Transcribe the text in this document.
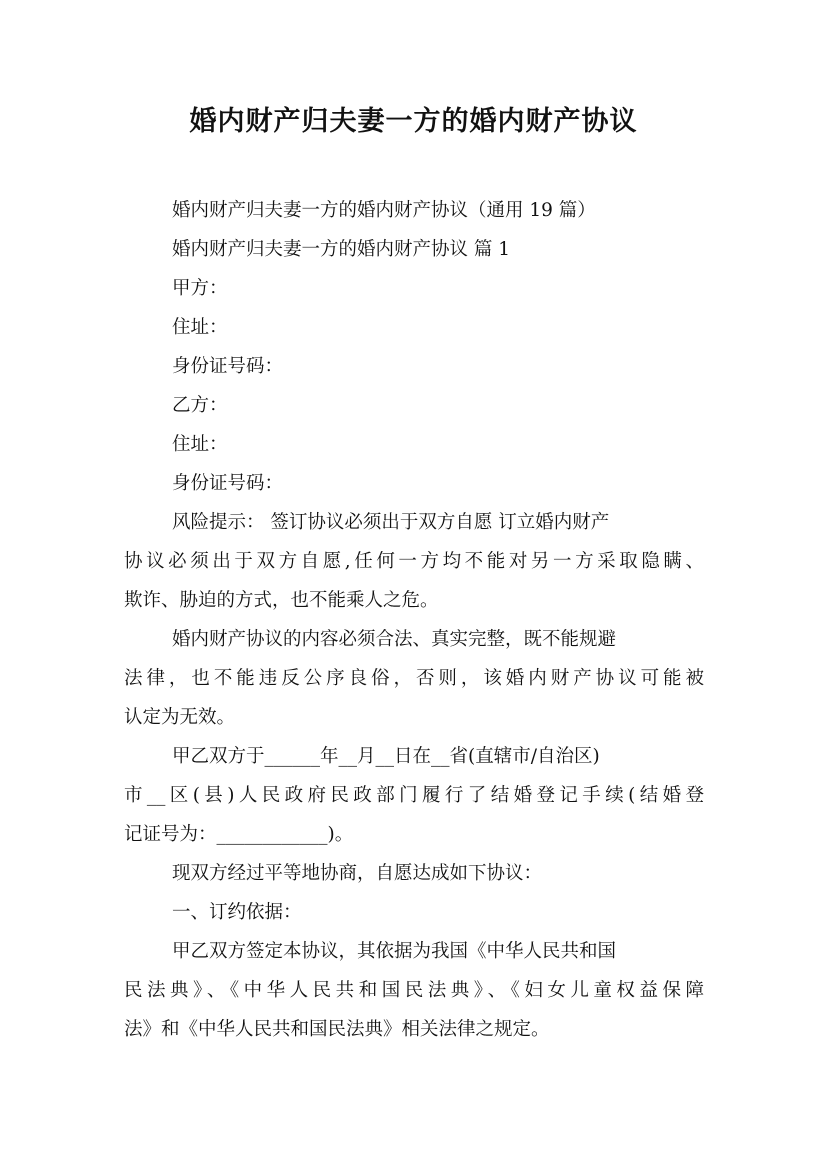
婚内财产归夫妻一方的婚内财产协议

婚内财产归夫妻一方的婚内财产协议（通用 19 篇）

婚内财产归夫妻一方的婚内财产协议 篇 1

甲方：

住址：

身份证号码：

乙方：

住址：

身份证号码：

风险提示： 签订协议必须出于双方自愿 订立婚内财产
协议必须出于双方自愿,任何一方均不能对另一方采取隐瞒、
欺诈、胁迫的方式，也不能乘人之危。
婚内财产协议的内容必须合法、真实完整，既不能规避
法律，也不能违反公序良俗，否则，该婚内财产协议可能被
认定为无效。
甲乙双方于______年__月__日在__省(直辖市/自治区)
市__区(县)人民政府民政部门履行了结婚登记手续(结婚登
记证号为：____________)。

现双方经过平等地协商，自愿达成如下协议：

一、订约依据：

甲乙双方签定本协议，其依据为我国《中华人民共和国
民法典》、《中华人民共和国民法典》、《妇女儿童权益保障
法》和《中华人民共和国民法典》相关法律之规定。
